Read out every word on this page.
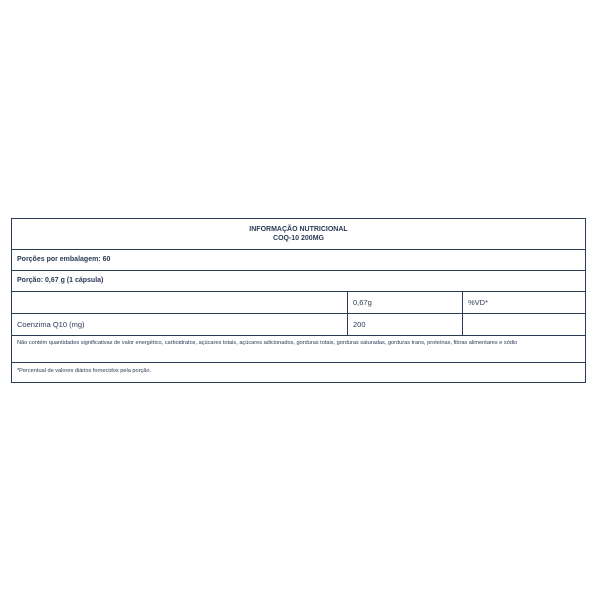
INFORMAÇÃO NUTRICIONAL
COQ-10 200MG
Porções por embalagem: 60
Porção: 0,67 g (1 cápsula)
0,67g	%VD*
Coenzima Q10 (mg)	200
Não contém quantidades significativas de valor energético, carboidratos, açúcares totais, açúcares adicionados, gorduras totais, gorduras saturadas, gorduras trans, proteínas, fibras alimentares e sódio
*Percentual de valores diários fornecidos pela porção.
